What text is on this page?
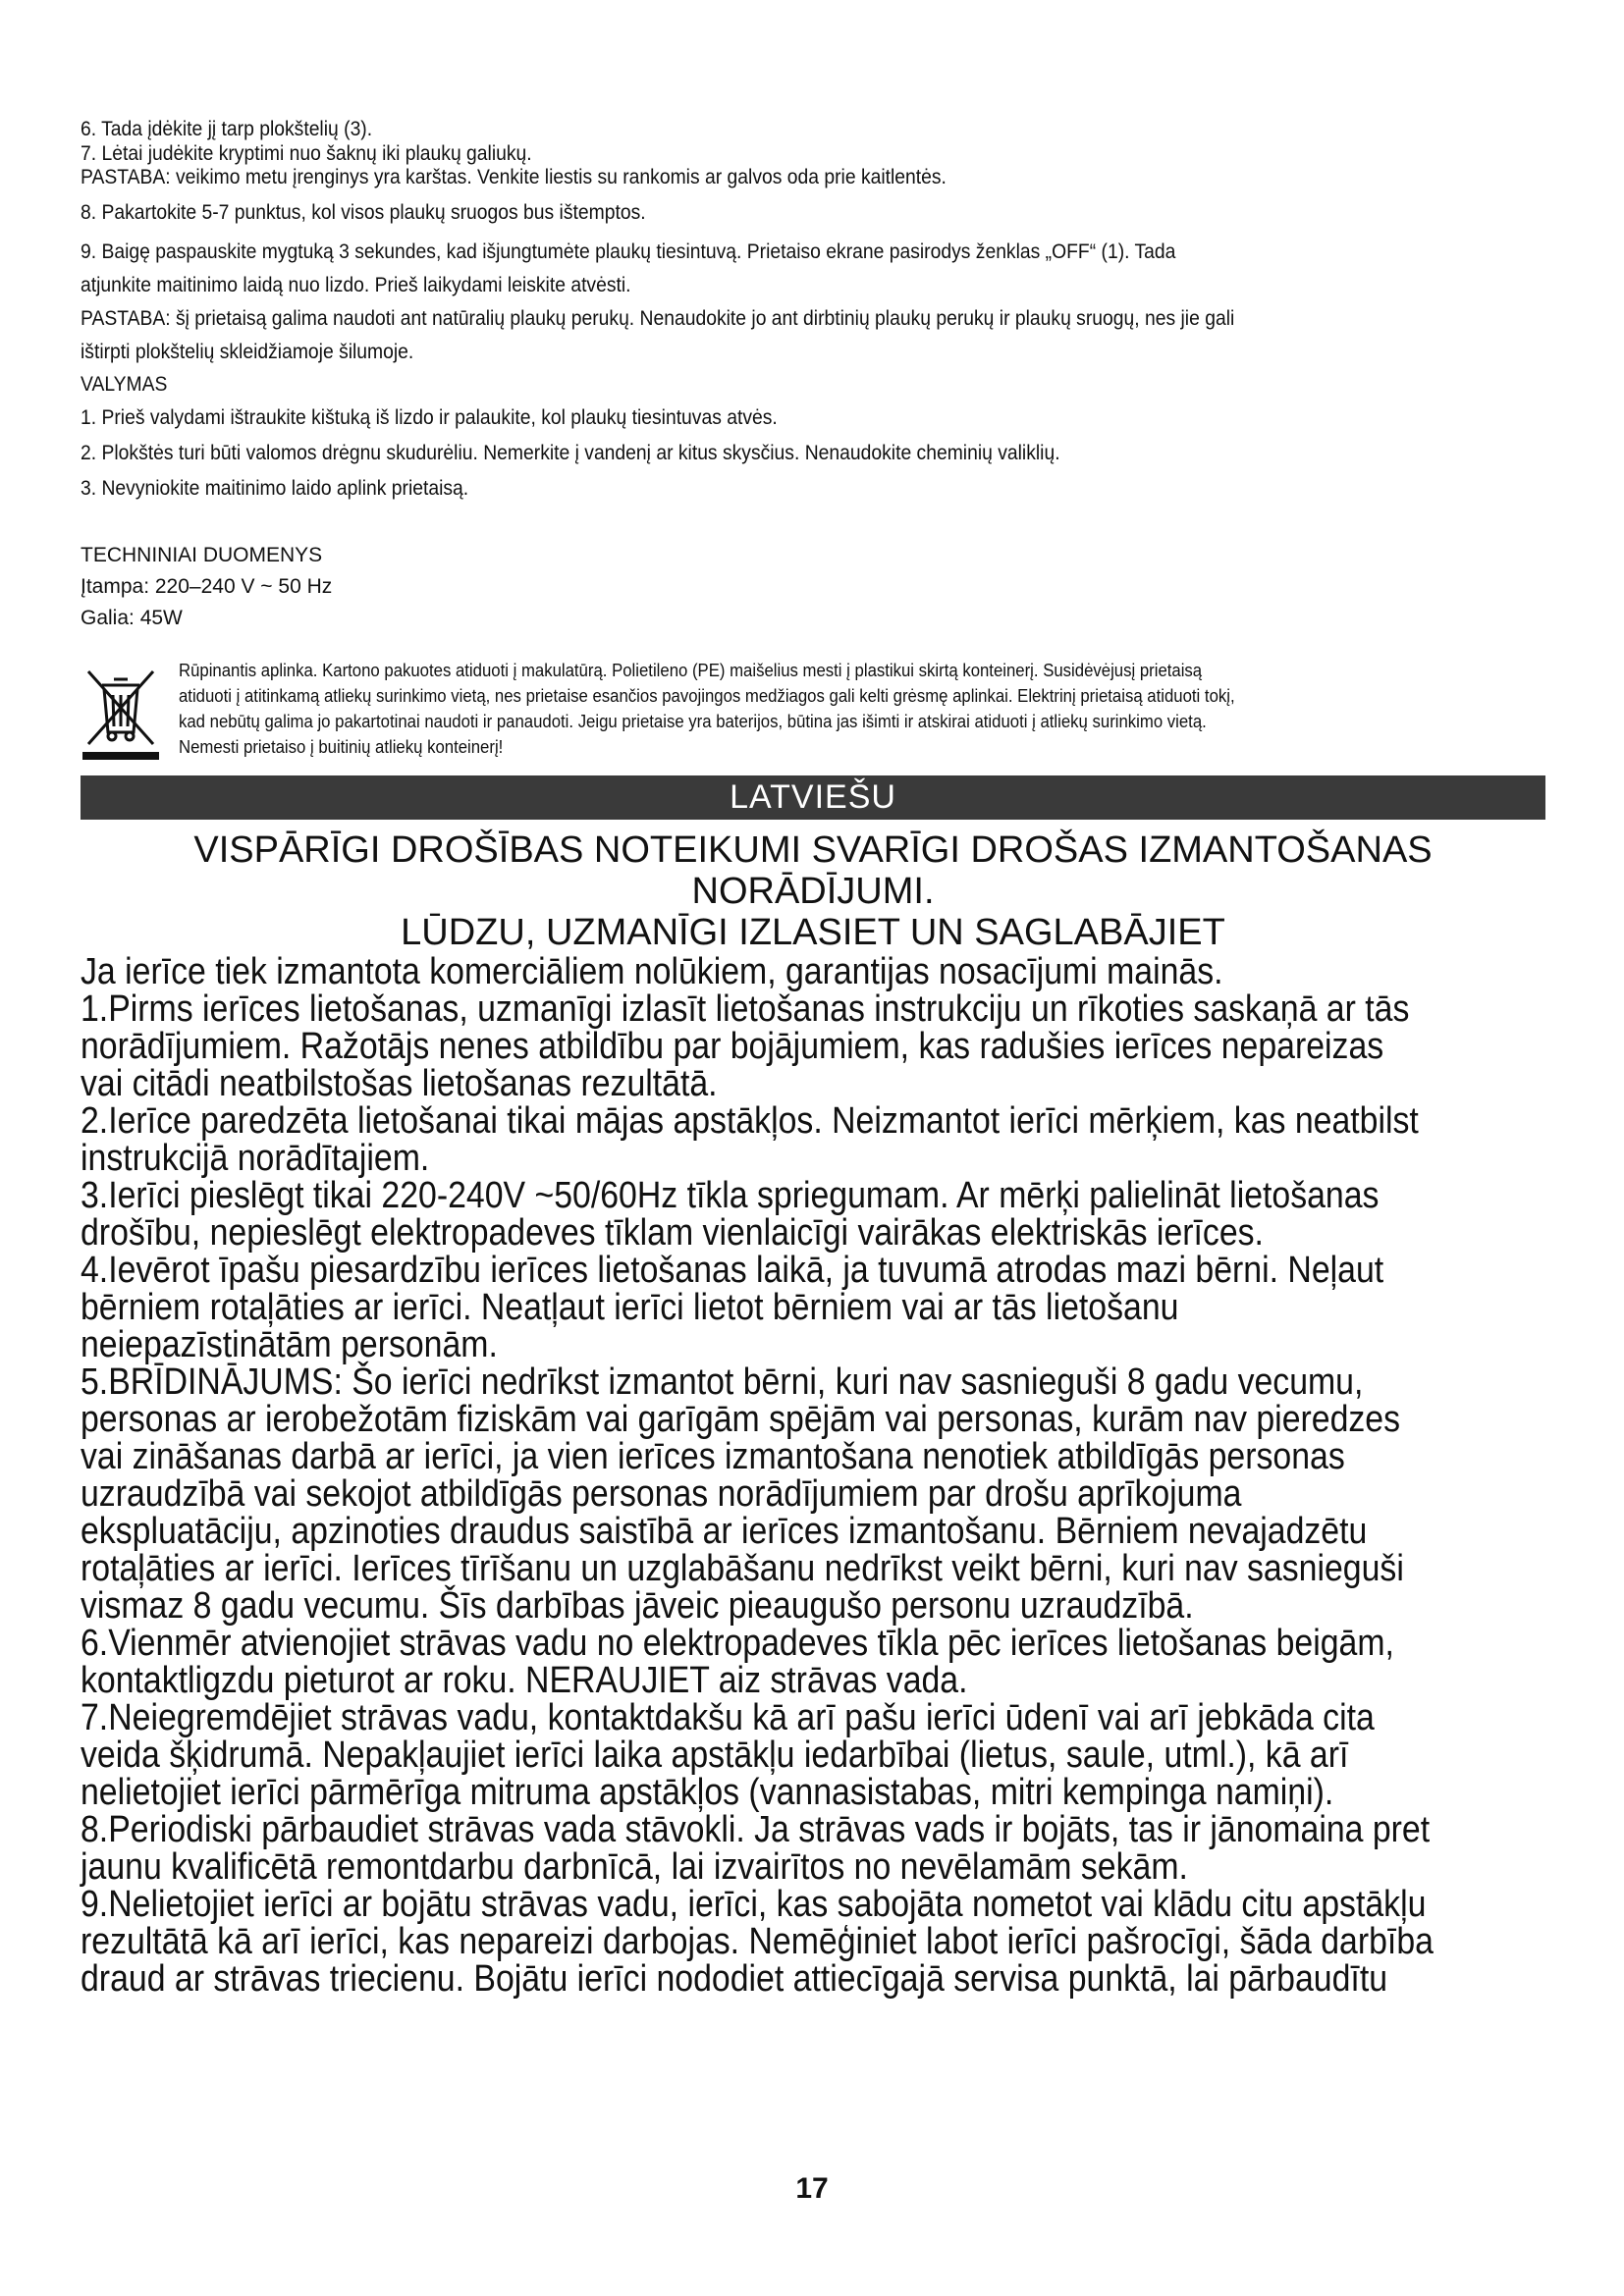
6. Tada įdėkite jį tarp plokštelių (3).

7. Lėtai judėkite kryptimi nuo šaknų iki plaukų galiukų.

PASTABA: veikimo metu įrenginys yra karštas. Venkite liestis su rankomis ar galvos oda prie kaitlentės.

8. Pakartokite 5-7 punktus, kol visos plaukų sruogos bus ištemptos.

9. Baigę paspauskite mygtuką 3 sekundes, kad išjungtumėte plaukų tiesintuvą. Prietaiso ekrane pasirodys ženklas „OFF“ (1). Tada

atjunkite maitinimo laidą nuo lizdo. Prieš laikydami leiskite atvėsti.

PASTABA: šį prietaisą galima naudoti ant natūralių plaukų perukų. Nenaudokite jo ant dirbtinių plaukų perukų ir plaukų sruogų, nes jie gali

ištirpti plokštelių skleidžiamoje šilumoje.

VALYMAS

1. Prieš valydami ištraukite kištuką iš lizdo ir palaukite, kol plaukų tiesintuvas atvės.

2. Plokštės turi būti valomos drėgnu skudurėliu. Nemerkite į vandenį ar kitus skysčius. Nenaudokite cheminių valiklių.

3. Nevyniokite maitinimo laido aplink prietaisą.

TECHNINIAI DUOMENYS

Įtampa: 220–240 V ~ 50 Hz

Galia: 45W

Rūpinantis aplinka. Kartono pakuotes atiduoti į makulatūrą. Polietileno (PE) maišelius mesti į plastikui skirtą konteinerį. Susidėvėjusį prietaisą

atiduoti į atitinkamą atliekų surinkimo vietą, nes prietaise esančios pavojingos medžiagos gali kelti grėsmę aplinkai. Elektrinį prietaisą atiduoti tokį,

kad nebūtų galima jo pakartotinai naudoti ir panaudoti. Jeigu prietaise yra baterijos, būtina jas išimti ir atskirai atiduoti į atliekų surinkimo vietą.

Nemesti prietaiso į buitinių atliekų konteinerį!

LATVIEŠU
VISPĀRĪGI DROŠĪBAS NOTEIKUMI SVARĪGI DROŠAS IZMANTOŠANAS NORĀDĪJUMI.
LŪDZU, UZMANĪGI IZLASIET UN SAGLABĀJIET

Ja ierīce tiek izmantota komerciāliem nolūkiem, garantijas nosacījumi mainās.

1.Pirms ierīces lietošanas, uzmanīgi izlasīt lietošanas instrukciju un rīkoties saskaņā ar tās

norādījumiem. Ražotājs nenes atbildību par bojājumiem, kas radušies ierīces nepareizas

vai citādi neatbilstošas lietošanas rezultātā.

2.Ierīce paredzēta lietošanai tikai mājas apstākļos. Neizmantot ierīci mērķiem, kas neatbilst

instrukcijā norādītajiem.

3.Ierīci pieslēgt tikai 220-240V ~50/60Hz tīkla spriegumam. Ar mērķi palielināt lietošanas

drošību, nepieslēgt elektropadeves tīklam vienlaicīgi vairākas elektriskās ierīces.

4.Ievērot īpašu piesardzību ierīces lietošanas laikā, ja tuvumā atrodas mazi bērni. Neļaut

bērniem rotaļāties ar ierīci. Neatļaut ierīci lietot bērniem vai ar tās lietošanu

neiepazīstinātām personām.

5.BRĪDINĀJUMS: Šo ierīci nedrīkst izmantot bērni, kuri nav sasnieguši 8 gadu vecumu,

personas ar ierobežotām fiziskām vai garīgām spējām vai personas, kurām nav pieredzes

vai zināšanas darbā ar ierīci, ja vien ierīces izmantošana nenotiek atbildīgās personas

uzraudzībā vai sekojot atbildīgās personas norādījumiem par drošu aprīkojuma

ekspluatāciju, apzinoties draudus saistībā ar ierīces izmantošanu. Bērniem nevajadzētu

rotaļāties ar ierīci. Ierīces tīrīšanu un uzglabāšanu nedrīkst veikt bērni, kuri nav sasnieguši

vismaz 8 gadu vecumu. Šīs darbības jāveic pieaugušo personu uzraudzībā.

6.Vienmēr atvienojiet strāvas vadu no elektropadeves tīkla pēc ierīces lietošanas beigām,

kontaktligzdu pieturot ar roku. NERAUJIET aiz strāvas vada.

7.Neiegremdējiet strāvas vadu, kontaktdakšu kā arī pašu ierīci ūdenī vai arī jebkāda cita

veida šķidrumā. Nepakļaujiet ierīci laika apstākļu iedarbībai (lietus, saule, utml.), kā arī

nelietojiet ierīci pārmērīga mitruma apstākļos (vannasistabas, mitri kempinga namiņi).

8.Periodiski pārbaudiet strāvas vada stāvokli. Ja strāvas vads ir bojāts, tas ir jānomaina pret

jaunu kvalificētā remontdarbu darbnīcā, lai izvairītos no nevēlamām sekām.

9.Nelietojiet ierīci ar bojātu strāvas vadu, ierīci, kas sabojāta nometot vai klādu citu apstākļu

rezultātā kā arī ierīci, kas nepareizi darbojas. Nemēģiniet labot ierīci pašrocīgi, šāda darbība

draud ar strāvas triecienu. Bojātu ierīci nododiet attiecīgajā servisa punktā, lai pārbaudītu

17
